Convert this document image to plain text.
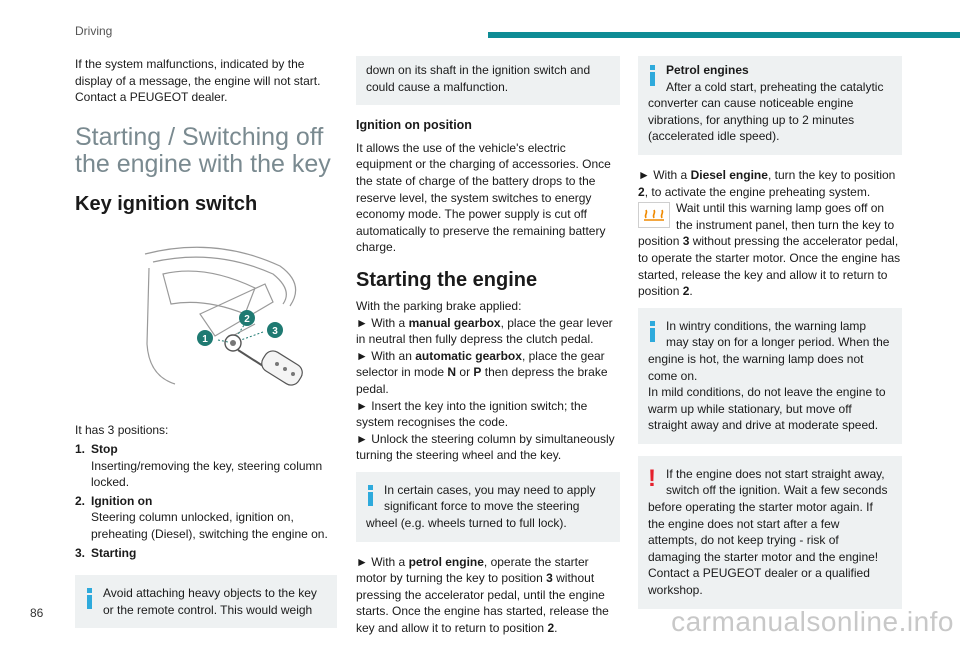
Driving

If the system malfunctions, indicated by the display of a message, the engine will not start. Contact a PEUGEOT dealer.

Starting / Switching off the engine with the key
Key ignition switch
1
2
3

It has 3 positions:

1. Stop
Inserting/removing the key, steering column locked.
2. Ignition on
Steering column unlocked, ignition on, preheating (Diesel), switching the engine on.
3. Starting
Avoid attaching heavy objects to the key or the remote control. This would weigh
down on its shaft in the ignition switch and could cause a malfunction.
Ignition on position

It allows the use of the vehicle's electric equipment or the charging of accessories. Once the state of charge of the battery drops to the reserve level, the system switches to energy economy mode. The power supply is cut off automatically to preserve the remaining battery charge.

Starting the engine
With the parking brake applied:
► With a manual gearbox, place the gear lever in neutral then fully depress the clutch pedal.
► With an automatic gearbox, place the gear selector in mode N or P then depress the brake pedal.
► Insert the key into the ignition switch; the system recognises the code.

► Unlock the steering column by simultaneously turning the steering wheel and the key.

In certain cases, you may need to apply significant force to move the steering wheel (e.g. wheels turned to full lock).

► With a petrol engine, operate the starter motor by turning the key to position 3 without pressing the accelerator pedal, until the engine starts. Once the engine has started, release the key and allow it to return to position 2.

Petrol engines
After a cold start, preheating the catalytic converter can cause noticeable engine vibrations, for anything up to 2 minutes (accelerated idle speed).
► With a Diesel engine, turn the key to position 2, to activate the engine preheating system.

Wait until this warning lamp goes off on the instrument panel, then turn the key to position 3 without pressing the accelerator pedal, to operate the starter motor. Once the engine has started, release the key and allow it to return to position 2.

In wintry conditions, the warning lamp may stay on for a longer period. When the engine is hot, the warning lamp does not come on.
In mild conditions, do not leave the engine to warm up while stationary, but move off straight away and drive at moderate speed.
! If the engine does not start straight away, switch off the ignition. Wait a few seconds before operating the starter motor again. If the engine does not start after a few attempts, do not keep trying - risk of damaging the starter motor and the engine! Contact a PEUGEOT dealer or a qualified workshop.
86	carmanualsonline.info
